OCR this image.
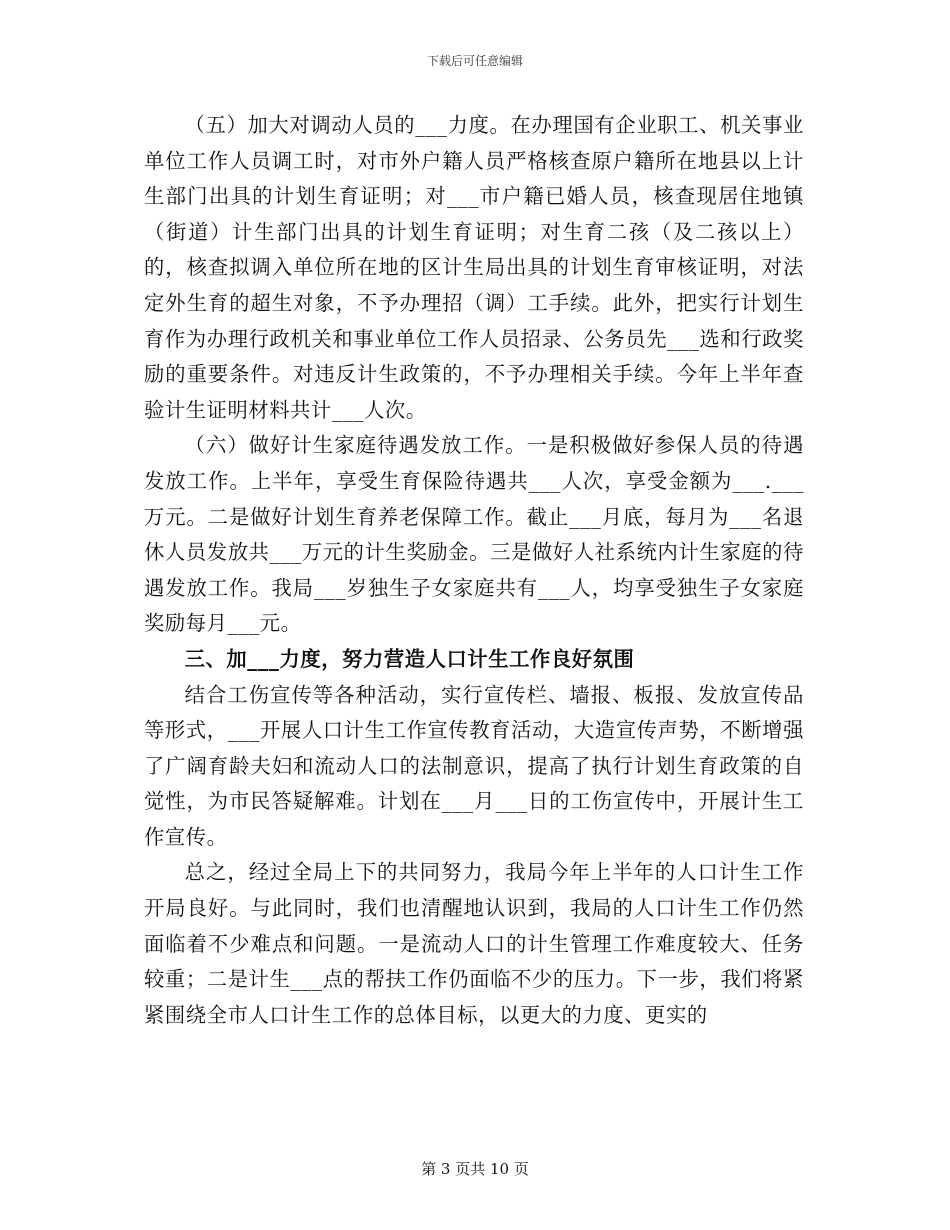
下载后可任意编辑

（五）加大对调动人员的___力度。在办理国有企业职工、机关事业单位工作人员调工时，对市外户籍人员严格核查原户籍所在地县以上计生部门出具的计划生育证明；对___市户籍已婚人员，核查现居住地镇（街道）计生部门出具的计划生育证明；对生育二孩（及二孩以上）的，核查拟调入单位所在地的区计生局出具的计划生育审核证明，对法定外生育的超生对象，不予办理招（调）工手续。此外，把实行计划生育作为办理行政机关和事业单位工作人员招录、公务员先___选和行政奖励的重要条件。对违反计生政策的，不予办理相关手续。今年上半年查验计生证明材料共计___人次。

（六）做好计生家庭待遇发放工作。一是积极做好参保人员的待遇发放工作。上半年，享受生育保险待遇共___人次，享受金额为___.___万元。二是做好计划生育养老保障工作。截止___月底，每月为___名退休人员发放共___万元的计生奖励金。三是做好人社系统内计生家庭的待遇发放工作。我局___岁独生子女家庭共有___人，均享受独生子女家庭奖励每月___元。

三、加___力度，努力营造人口计生工作良好氛围

结合工伤宣传等各种活动，实行宣传栏、墙报、板报、发放宣传品等形式，___开展人口计生工作宣传教育活动，大造宣传声势，不断增强了广阔育龄夫妇和流动人口的法制意识，提高了执行计划生育政策的自觉性，为市民答疑解难。计划在___月___日的工伤宣传中，开展计生工作宣传。

总之，经过全局上下的共同努力，我局今年上半年的人口计生工作开局良好。与此同时，我们也清醒地认识到，我局的人口计生工作仍然面临着不少难点和问题。一是流动人口的计生管理工作难度较大、任务较重；二是计生___点的帮扶工作仍面临不少的压力。下一步，我们将紧紧围绕全市人口计生工作的总体目标，以更大的力度、更实的

第 3 页共 10 页
